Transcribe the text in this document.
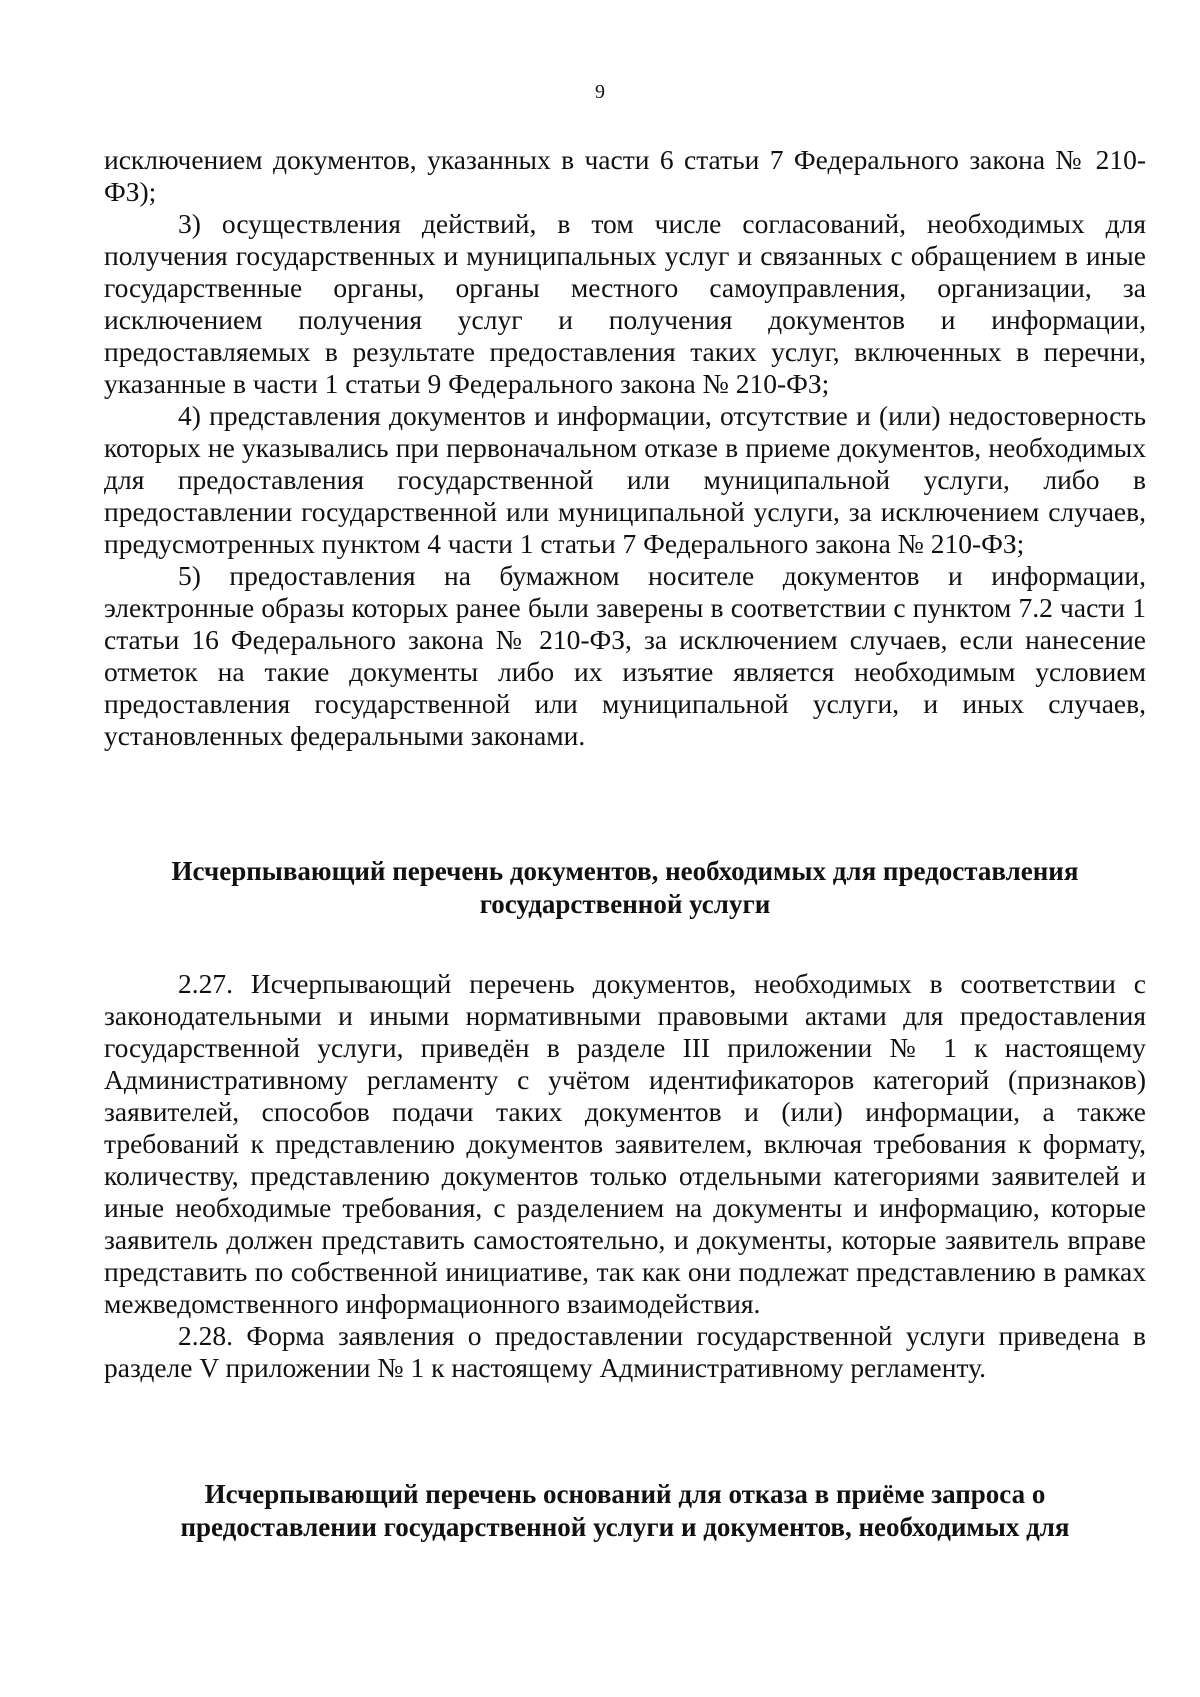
9

исключением документов, указанных в части 6 статьи 7 Федерального закона № 210-ФЗ);

3) осуществления действий, в том числе согласований, необходимых для получения государственных и муниципальных услуг и связанных с обращением в иные государственные органы, органы местного самоуправления, организации, за исключением получения услуг и получения документов и информации, предоставляемых в результате предоставления таких услуг, включенных в перечни, указанные в части 1 статьи 9 Федерального закона № 210-ФЗ;

4) представления документов и информации, отсутствие и (или) недостоверность которых не указывались при первоначальном отказе в приеме документов, необходимых для предоставления государственной или муниципальной услуги, либо в предоставлении государственной или муниципальной услуги, за исключением случаев, предусмотренных пунктом 4 части 1 статьи 7 Федерального закона № 210-ФЗ;

5) предоставления на бумажном носителе документов и информации, электронные образы которых ранее были заверены в соответствии с пунктом 7.2 части 1 статьи 16 Федерального закона № 210-ФЗ, за исключением случаев, если нанесение отметок на такие документы либо их изъятие является необходимым условием предоставления государственной или муниципальной услуги, и иных случаев, установленных федеральными законами.

Исчерпывающий перечень документов, необходимых для предоставления
государственной услуги

2.27. Исчерпывающий перечень документов, необходимых в соответствии с законодательными и иными нормативными правовыми актами для предоставления государственной услуги, приведён в разделе III приложении № 1 к настоящему Административному регламенту с учётом идентификаторов категорий (признаков) заявителей, способов подачи таких документов и (или) информации, а также требований к представлению документов заявителем, включая требования к формату, количеству, представлению документов только отдельными категориями заявителей и иные необходимые требования, с разделением на документы и информацию, которые заявитель должен представить самостоятельно, и документы, которые заявитель вправе представить по собственной инициативе, так как они подлежат представлению в рамках межведомственного информационного взаимодействия.

2.28. Форма заявления о предоставлении государственной услуги приведена в разделе V приложении № 1 к настоящему Административному регламенту.

Исчерпывающий перечень оснований для отказа в приёме запроса о
предоставлении государственной услуги и документов, необходимых для
